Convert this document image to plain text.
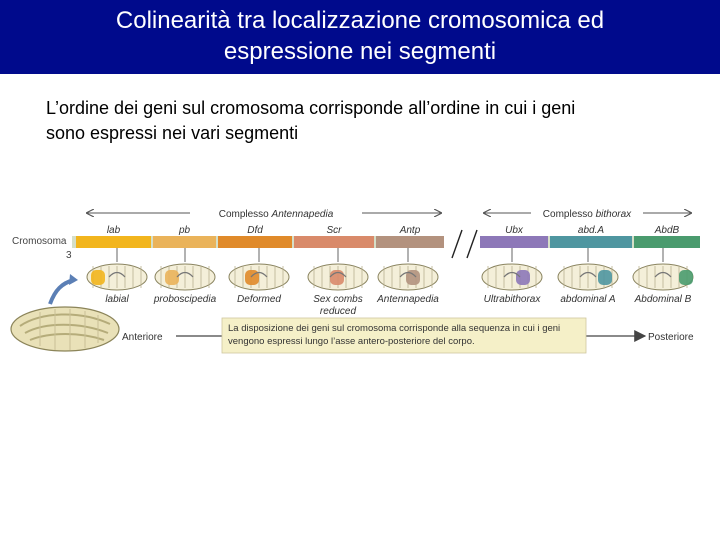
Colinearità tra localizzazione cromosomica ed
espressione nei segmenti
L’ordine dei geni sul cromosoma corrisponde all’ordine in cui i geni
sono espressi nei vari segmenti
Complesso Antennapedia	Complesso bithorax
Cromosoma
3
lab	pb	Dfd	Scr	Antp	Ubx	abd.A	AbdB
labial	proboscipedia Deformed	Sex combs
reduced
Antennapedia	Ultrabithorax abdominal A Abdominal B
Anteriore	Posteriore
La disposizione dei geni sul cromosoma corrisponde alla sequenza in cui i geni
vengono espressi lungo l’asse antero-posteriore del corpo.
